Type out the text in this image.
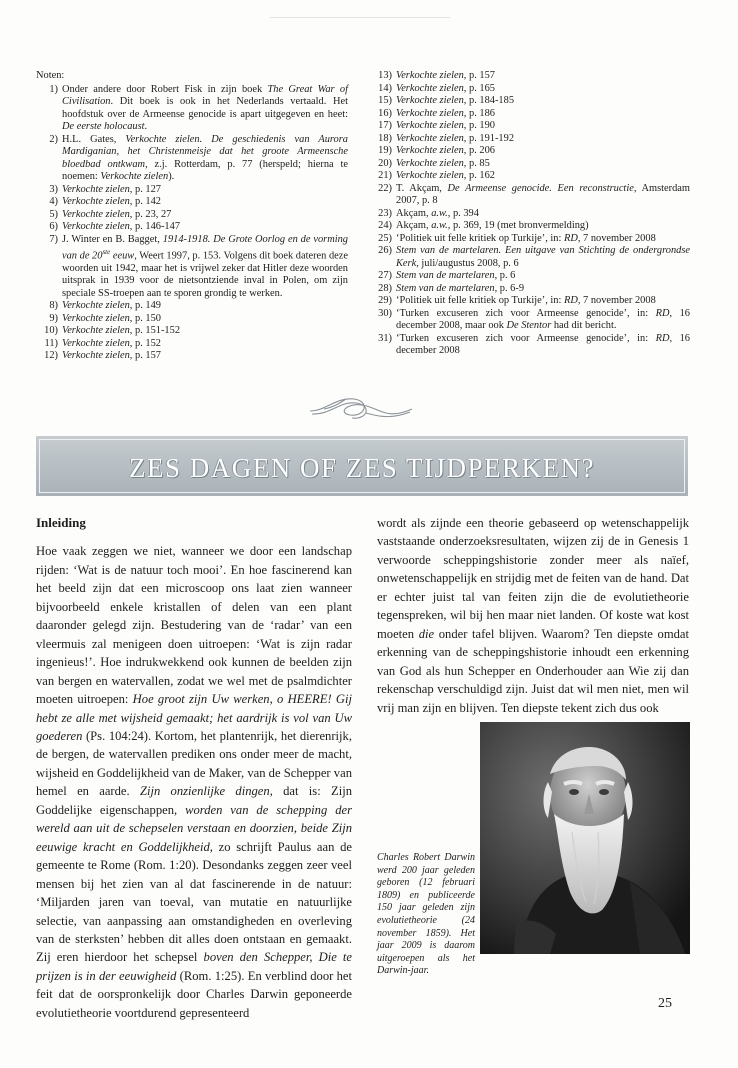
Noten:
1) Onder andere door Robert Fisk in zijn boek The Great War of Civilisation. Dit boek is ook in het Nederlands vertaald. Het hoofdstuk over de Armeense genocide is apart uitgegeven en heet: De eerste holocaust.
2) H.L. Gates, Verkochte zielen. De geschiedenis van Aurora Mardiganian, het Christenmeisje dat het groote Armeensche bloedbad ontkwam, z.j. Rotterdam, p. 77 (herspeld; hierna te noemen: Verkochte zielen).
3) Verkochte zielen, p. 127
4) Verkochte zielen, p. 142
5) Verkochte zielen, p. 23, 27
6) Verkochte zielen, p. 146-147
7) J. Winter en B. Bagget, 1914-1918. De Grote Oorlog en de vorming van de 20ste eeuw, Weert 1997, p. 153. Volgens dit boek dateren deze woorden uit 1942, maar het is vrijwel zeker dat Hitler deze woorden uitsprak in 1939 voor de nietsontziende inval in Polen, om zijn speciale SS-troepen aan te sporen grondig te werken.
8) Verkochte zielen, p. 149
9) Verkochte zielen, p. 150
10) Verkochte zielen, p. 151-152
11) Verkochte zielen, p. 152
12) Verkochte zielen, p. 157
13) Verkochte zielen, p. 157
14) Verkochte zielen, p. 165
15) Verkochte zielen, p. 184-185
16) Verkochte zielen, p. 186
17) Verkochte zielen, p. 190
18) Verkochte zielen, p. 191-192
19) Verkochte zielen, p. 206
20) Verkochte zielen, p. 85
21) Verkochte zielen, p. 162
22) T. Akçam, De Armeense genocide. Een reconstructie, Amsterdam 2007, p. 8
23) Akçam, a.w., p. 394
24) Akçam, a.w., p. 369, 19 (met bronvermelding)
25) ‘Politiek uit felle kritiek op Turkije’, in: RD, 7 november 2008
26) Stem van de martelaren. Een uitgave van Stichting de ondergrondse Kerk, juli/augustus 2008, p. 6
27) Stem van de martelaren, p. 6
28) Stem van de martelaren, p. 6-9
29) ‘Politiek uit felle kritiek op Turkije’, in: RD, 7 november 2008
30) ‘Turken excuseren zich voor Armeense genocide’, in: RD, 16 december 2008, maar ook De Stentor had dit bericht.
31) ‘Turken excuseren zich voor Armeense genocide’, in: RD, 16 december 2008
ZES DAGEN OF ZES TIJDPERKEN?
Inleiding
Hoe vaak zeggen we niet, wanneer we door een landschap rijden: ‘Wat is de natuur toch mooi’. En hoe fascinerend kan het beeld zijn dat een microscoop ons laat zien wanneer bijvoorbeeld enkele kristallen of delen van een plant daaronder gelegd zijn. Bestudering van de ‘radar’ van een vleermuis zal menigeen doen uitroepen: ‘Wat is zijn radar ingenieus!’. Hoe indrukwekkend ook kunnen de beelden zijn van bergen en watervallen, zodat we wel met de psalmdichter moeten uitroepen: Hoe groot zijn Uw werken, o HEERE! Gij hebt ze alle met wijsheid gemaakt; het aardrijk is vol van Uw goederen (Ps. 104:24). Kortom, het plantenrijk, het dierenrijk, de bergen, de watervallen prediken ons onder meer de macht, wijsheid en Goddelijkheid van de Maker, van de Schepper van hemel en aarde. Zijn onzienlijke dingen, dat is: Zijn Goddelijke eigenschappen, worden van de schepping der wereld aan uit de schepselen verstaan en doorzien, beide Zijn eeuwige kracht en Goddelijkheid, zo schrijft Paulus aan de gemeente te Rome (Rom. 1:20). Desondanks zeggen zeer veel mensen bij het zien van al dat fascinerende in de natuur: ‘Miljarden jaren van toeval, van mutatie en natuurlijke selectie, van aanpassing aan omstandigheden en overleving van de sterksten’ hebben dit alles doen ontstaan en gemaakt. Zij eren hierdoor het schepsel boven den Schepper, Die te prijzen is in der eeuwigheid (Rom. 1:25). En verblind door het feit dat de oorspronkelijk door Charles Darwin geponeerde evolutietheorie voortdurend gepresenteerd
wordt als zijnde een theorie gebaseerd op wetenschappelijk vaststaande onderzoeksresultaten, wijzen zij de in Genesis 1 verwoorde scheppingshistorie zonder meer als naïef, onwetenschappelijk en strijdig met de feiten van de hand. Dat er echter juist tal van feiten zijn die de evolutietheorie tegenspreken, wil bij hen maar niet landen. Of koste wat kost moeten die onder tafel blijven. Waarom? Ten diepste omdat erkenning van de scheppingshistorie inhoudt een erkenning van God als hun Schepper en Onderhouder aan Wie zij dan rekenschap verschuldigd zijn. Juist dat wil men niet, men wil vrij man zijn en blijven. Ten diepste tekent zich dus ook
Charles Robert Darwin werd 200 jaar geleden geboren (12 februari 1809) en publiceerde 150 jaar geleden zijn evolutietheorie (24 november 1859). Het jaar 2009 is daarom uitgeroepen als het Darwin-jaar.
25
